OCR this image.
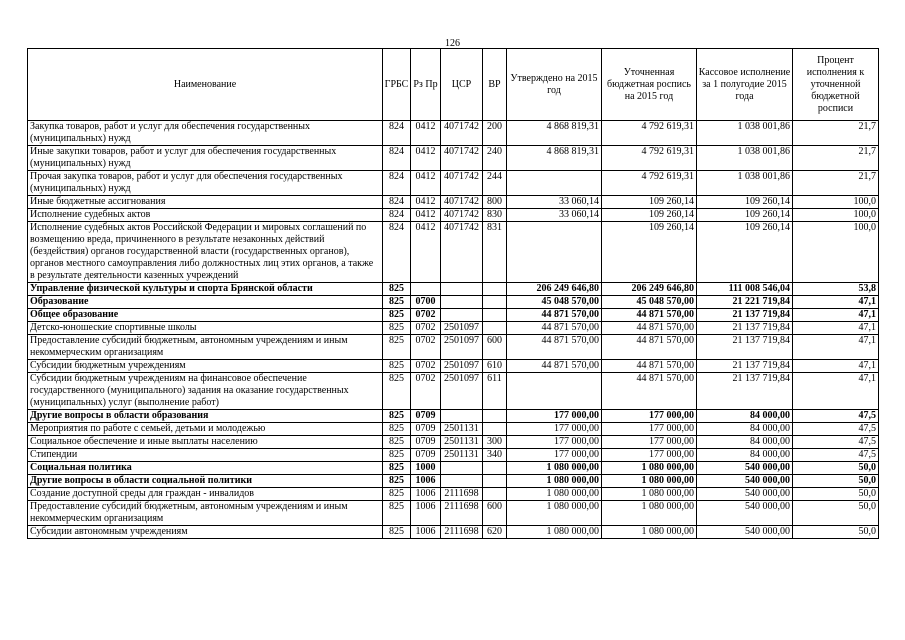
126
Наименование	ГРБС	Рз Пр	ЦСР	ВР	Утверждено на 2015 год	Уточненная бюджетная роспись на 2015 год	Кассовое исполнение за 1 полугодие 2015 года	Процент исполнения к уточненной бюджетной росписи
Закупка товаров, работ и услуг для обеспечения государственных (муниципальных) нужд	824	0412	4071742	200	4 868 819,31	4 792 619,31	1 038 001,86	21,7
Иные закупки товаров, работ и услуг для обеспечения государственных (муниципальных) нужд	824	0412	4071742	240	4 868 819,31	4 792 619,31	1 038 001,86	21,7
Прочая закупка товаров, работ и услуг для обеспечения государственных (муниципальных) нужд	824	0412	4071742	244		4 792 619,31	1 038 001,86	21,7
Иные бюджетные ассигнования	824	0412	4071742	800	33 060,14	109 260,14	109 260,14	100,0
Исполнение судебных актов	824	0412	4071742	830	33 060,14	109 260,14	109 260,14	100,0
Исполнение судебных актов Российской Федерации и мировых соглашений по возмещению вреда, причиненного в результате незаконных действий (бездействия) органов государственной власти (государственных органов), органов местного самоуправления либо должностных лиц этих органов, а также в результате деятельности казенных учреждений	824	0412	4071742	831		109 260,14	109 260,14	100,0
Управление физической культуры и спорта Брянской области	825				206 249 646,80	206 249 646,80	111 008 546,04	53,8
Образование	825	0700			45 048 570,00	45 048 570,00	21 221 719,84	47,1
Общее образование	825	0702			44 871 570,00	44 871 570,00	21 137 719,84	47,1
Детско-юношеские спортивные школы	825	0702	2501097		44 871 570,00	44 871 570,00	21 137 719,84	47,1
Предоставление субсидий бюджетным, автономным учреждениям и иным некоммерческим организациям	825	0702	2501097	600	44 871 570,00	44 871 570,00	21 137 719,84	47,1
Субсидии бюджетным учреждениям	825	0702	2501097	610	44 871 570,00	44 871 570,00	21 137 719,84	47,1
Субсидии бюджетным учреждениям на финансовое обеспечение государственного (муниципального) задания на оказание государственных (муниципальных) услуг (выполнение работ)	825	0702	2501097	611		44 871 570,00	21 137 719,84	47,1
Другие вопросы в области образования	825	0709			177 000,00	177 000,00	84 000,00	47,5
Мероприятия по работе с семьей, детьми и молодежью	825	0709	2501131		177 000,00	177 000,00	84 000,00	47,5
Социальное обеспечение и иные выплаты населению	825	0709	2501131	300	177 000,00	177 000,00	84 000,00	47,5
Стипендии	825	0709	2501131	340	177 000,00	177 000,00	84 000,00	47,5
Социальная политика	825	1000			1 080 000,00	1 080 000,00	540 000,00	50,0
Другие вопросы в области социальной политики	825	1006			1 080 000,00	1 080 000,00	540 000,00	50,0
Создание доступной среды для граждан - инвалидов	825	1006	2111698		1 080 000,00	1 080 000,00	540 000,00	50,0
Предоставление субсидий бюджетным, автономным учреждениям и иным некоммерческим организациям	825	1006	2111698	600	1 080 000,00	1 080 000,00	540 000,00	50,0
Субсидии автономным учреждениям	825	1006	2111698	620	1 080 000,00	1 080 000,00	540 000,00	50,0
